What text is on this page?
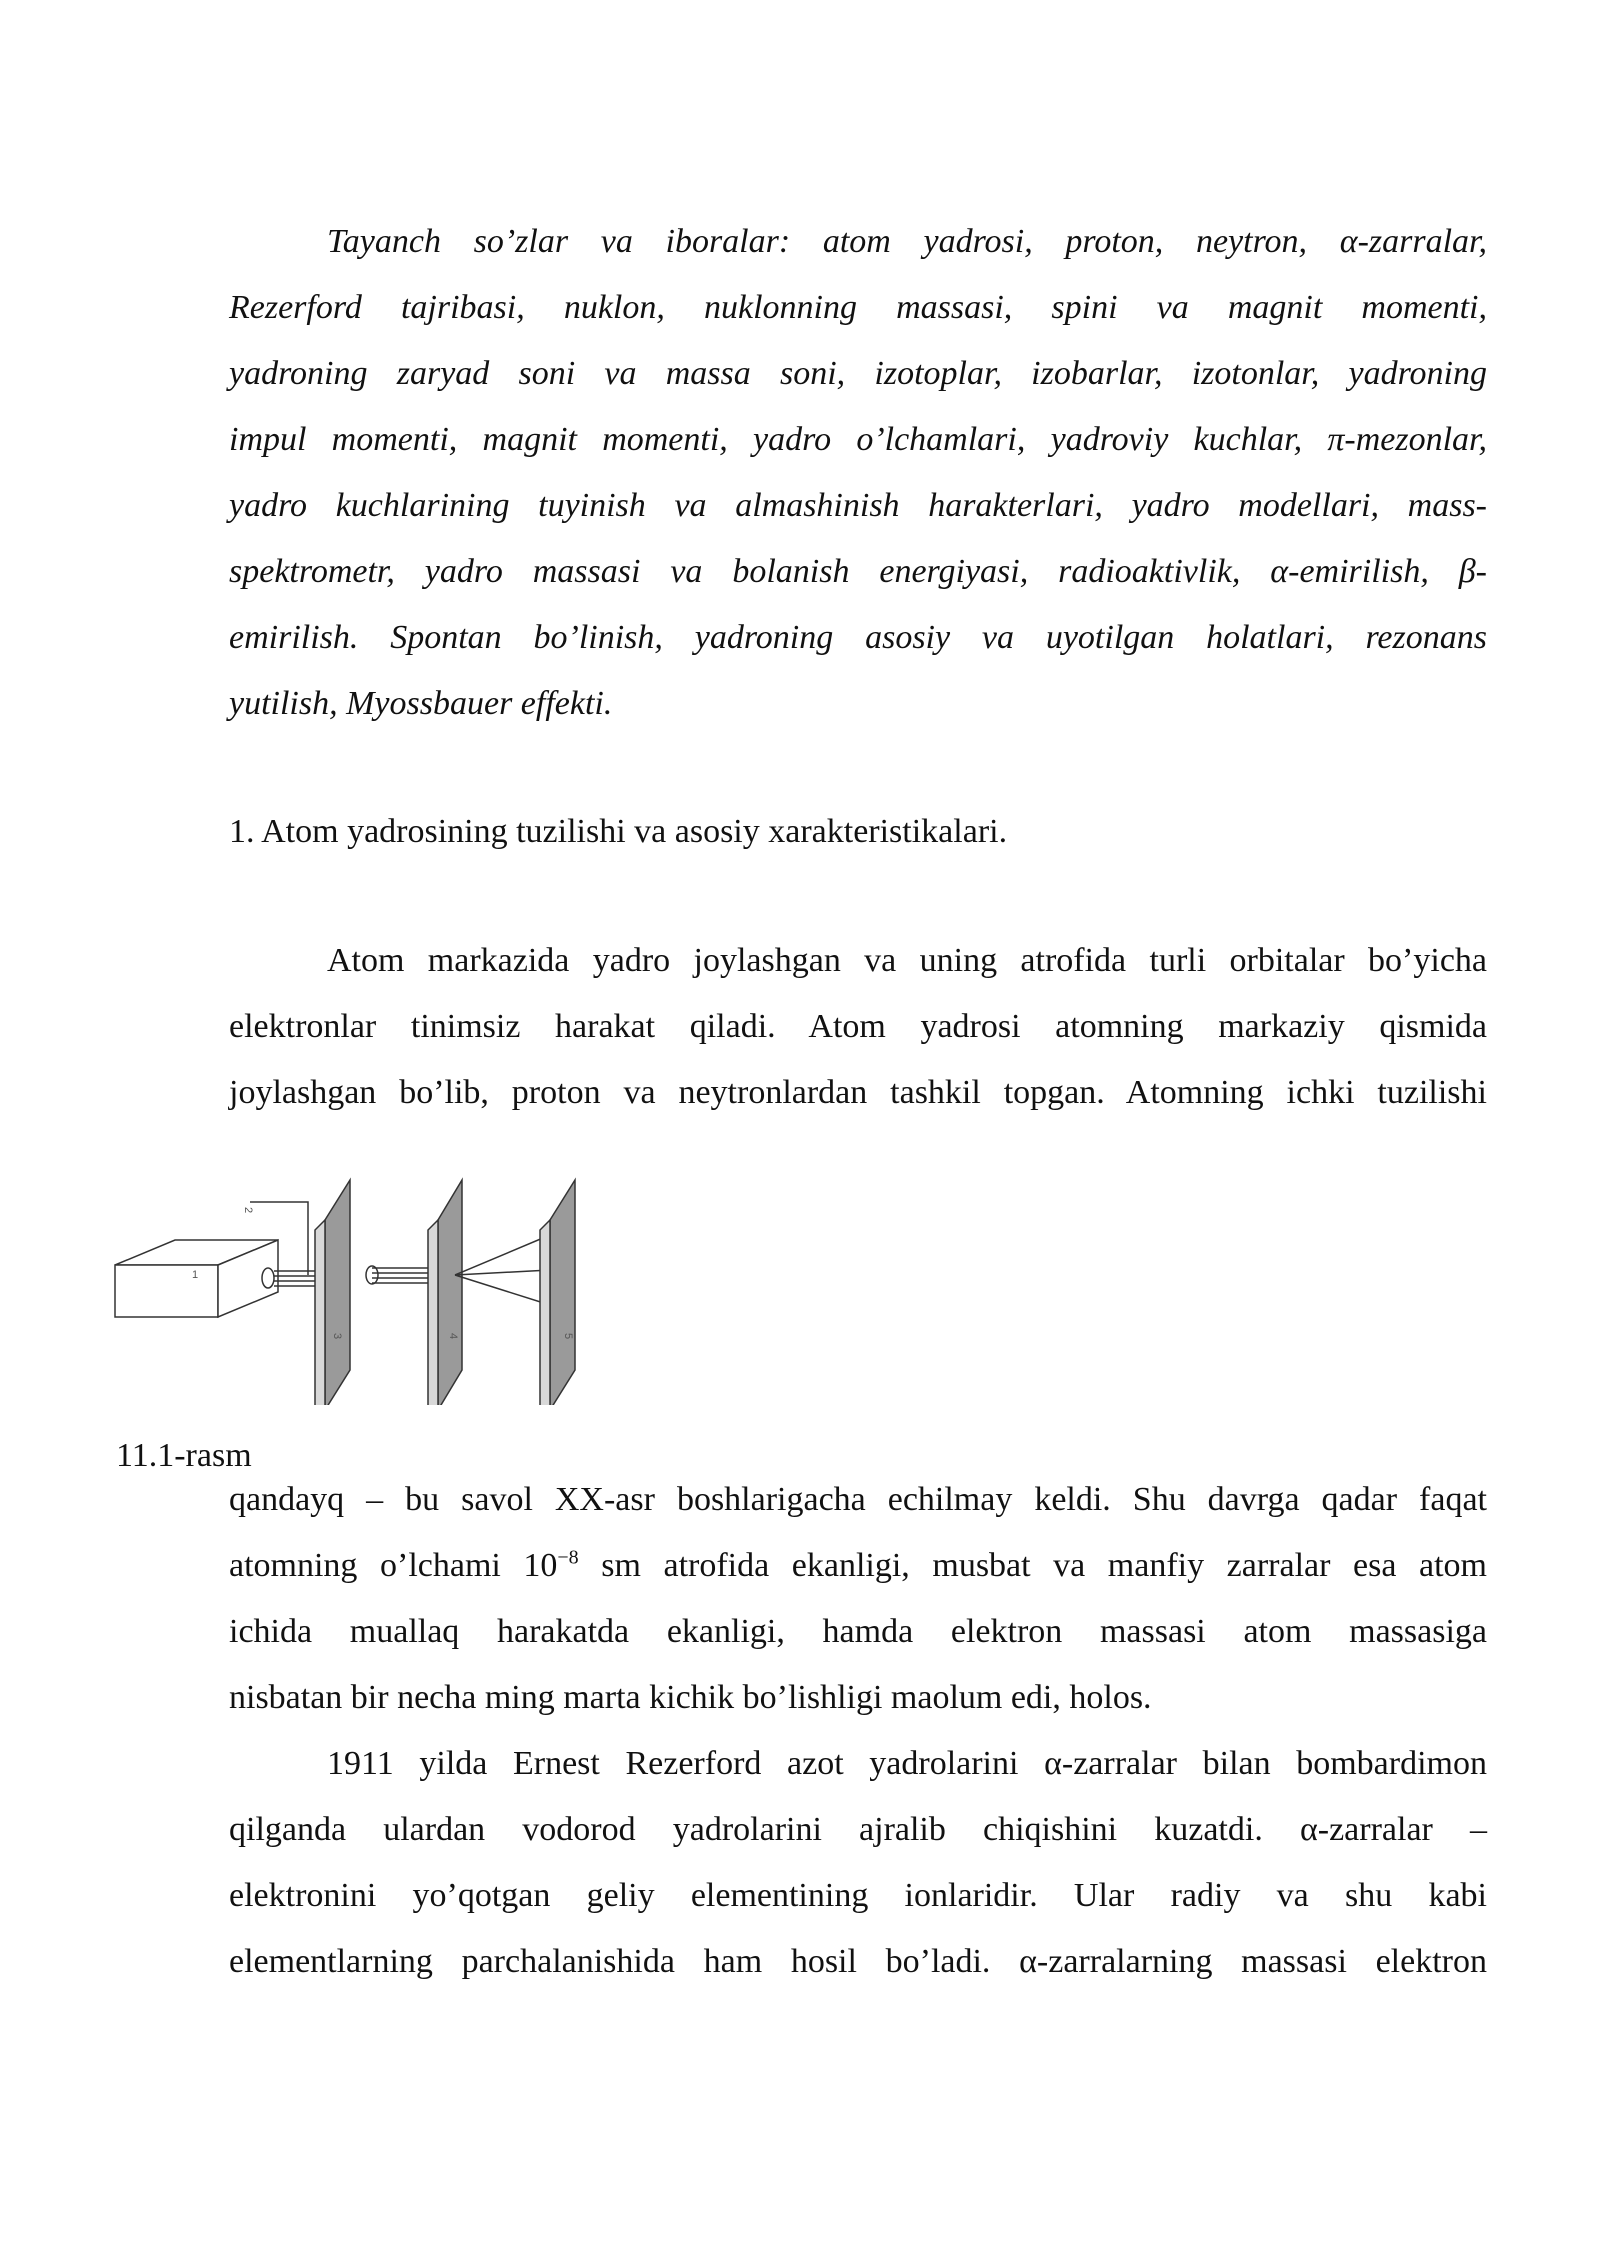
Tayanch so’zlar va iboralar: atom yadrosi, proton, neytron, α-zarralar,
Rezerford tajribasi, nuklon, nuklonning massasi, spini va magnit momenti,
yadroning zaryad soni va massa soni, izotoplar, izobarlar, izotonlar, yadroning
impul momenti, magnit momenti, yadro o’lchamlari, yadroviy kuchlar, π-mezonlar,
yadro kuchlarining tuyinish va almashinish harakterlari, yadro modellari, mass-
spektrometr, yadro massasi va bolanish energiyasi, radioaktivlik, α-emirilish, β-
emirilish. Spontan bo’linish, yadroning asosiy va uyotilgan holatlari, rezonans
yutilish, Myossbauer effekti.
1. Atom yadrosining tuzilishi va asosiy xarakteristikalari.
Atom markazida yadro joylashgan va uning atrofida turli orbitalar bo’yicha
elektronlar tinimsiz harakat qiladi. Atom yadrosi atomning markaziy qismida
joylashgan bo’lib, proton va neytronlardan tashkil topgan. Atomning ichki tuzilishi
1
2
3	4	5
11.1-rasm
qandayq – bu savol XX-asr boshlarigacha echilmay keldi. Shu davrga qadar faqat
atomning o’lchami $10^{-8}$ sm atrofida ekanligi, musbat va manfiy zarralar esa atom
ichida muallaq harakatda ekanligi, hamda elektron massasi atom massasiga
nisbatan bir necha ming marta kichik bo’lishligi maolum edi, holos.
1911 yilda Ernest Rezerford azot yadrolarini α-zarralar bilan bombardimon
qilganda ulardan vodorod yadrolarini ajralib chiqishini kuzatdi. α-zarralar –
elektronini yo’qotgan geliy elementining ionlaridir. Ular radiy va shu kabi
elementlarning parchalanishida ham hosil bo’ladi. α-zarralarning massasi elektron
